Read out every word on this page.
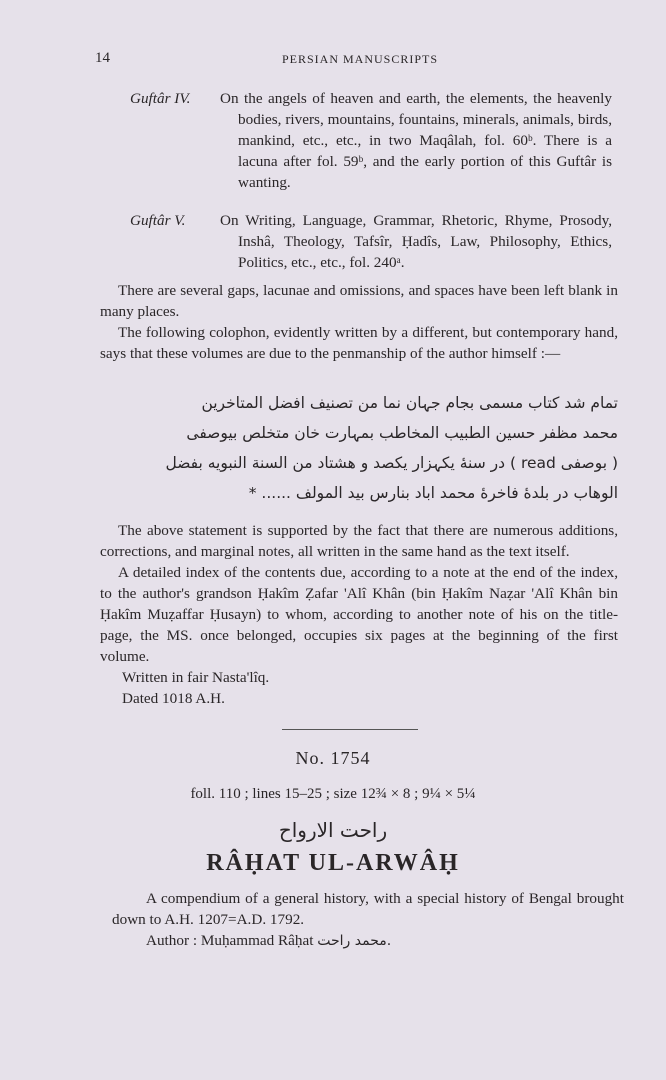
14	PERSIAN MANUSCRIPTS
Guftâr IV. On the angels of heaven and earth, the elements, the heavenly bodies, rivers, mountains, fountains, minerals, animals, birds, mankind, etc., etc., in two Maqâlah, fol. 60ᵇ. There is a lacuna after fol. 59ᵇ, and the early portion of this Guftâr is wanting.
Guftâr V. On Writing, Language, Grammar, Rhetoric, Rhyme, Prosody, Inshâ, Theology, Tafsîr, Ḥadîs, Law, Philosophy, Ethics, Politics, etc., etc., fol. 240ᵃ.

There are several gaps, lacunae and omissions, and spaces have been left blank in many places.

The following colophon, evidently written by a different, but contemporary hand, says that these volumes are due to the penmanship of the author himself :—

تمام شد کتاب مسمی بجام جہان نما من تصنیف افضل المتاخرین
محمد مظفر حسین الطبیب المخاطب بمہارت خان متخلص بیوصفی
( بوصفی read ) در سنۀ یکہزار یکصد و ھشتاد من السنة النبویه بفضل
الوهاب در بلدۀ فاخرۀ محمد اباد بنارس بید المولف ...... *

The above statement is supported by the fact that there are numerous additions, corrections, and marginal notes, all written in the same hand as the text itself.

A detailed index of the contents due, according to a note at the end of the index, to the author's grandson Ḥakîm Ẓafar 'Alî Khân (bin Ḥakîm Naẓar 'Alî Khân bin Ḥakîm Muẓaffar Ḥusayn) to whom, according to another note of his on the title-page, the MS. once belonged, occupies six pages at the beginning of the first volume.

Written in fair Nasta'lîq.

Dated 1018 A.H.

No. 1754
foll. 110 ; lines 15–25 ; size 12¾ × 8 ; 9¼ × 5¼
راحت الارواح
RÂḤAT UL-ARWÂḤ
A compendium of a general history, with a special history of Bengal brought down to A.H. 1207=A.D. 1792.
Author : Muḥammad Râḥat محمد راحت.
